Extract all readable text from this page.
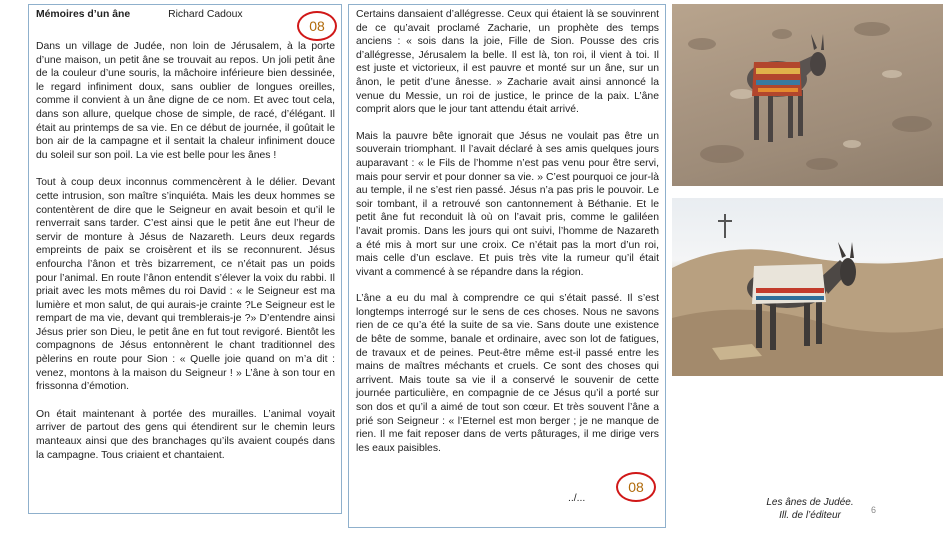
Mémoires d’un âne	Richard Cadoux

Dans un village de Judée, non loin de Jérusalem, à la porte d’une maison, un petit âne se trouvait au repos. Un joli petit âne de la couleur d’une souris, la mâchoire inférieure bien dessinée, le regard infiniment doux, sans oublier de longues oreilles, comme il convient à un âne digne de ce nom. Et avec tout cela, dans son allure, quelque chose de simple, de racé, d’élégant. Il était au printemps de sa vie. En ce début de journée, il goûtait le bon air de la campagne et il sentait la chaleur infiniment douce du soleil sur son poil. La vie est belle pour les ânes !

Tout à coup deux inconnus commencèrent à le délier. Devant cette intrusion, son maître s’inquiéta. Mais les deux hommes se contentèrent de dire que le Seigneur en avait besoin et qu’il le renverrait sans tarder. C’est ainsi que le petit âne eut l’heur de servir de monture à Jésus de Nazareth. Leurs deux regards empreints de paix se croisèrent et ils se reconnurent. Jésus enfourcha l’ânon et très bizarrement, ce n’était pas un poids pour l’animal. En route l’ânon entendit s’élever la voix du rabbi. Il priait avec les mots mêmes du roi David : « le Seigneur est ma lumière et mon salut, de qui aurais-je crainte ?Le Seigneur est le rempart de ma vie, devant qui tremblerais-je ?» D’entendre ainsi Jésus prier son Dieu, le petit âne en fut tout revigoré. Bientôt les compagnons de Jésus entonnèrent le chant traditionnel des pèlerins en route pour Sion : « Quelle joie quand on m’a dit : venez, montons à la maison du Seigneur ! » L’âne à son tour en frissonna d’émotion.

On était maintenant à portée des murailles. L’animal voyait arriver de partout des gens qui étendirent sur le chemin leurs manteaux ainsi que des branchages qu’ils avaient coupés dans la campagne. Tous criaient et chantaient.

08

Certains dansaient d’allégresse. Ceux qui étaient là se souvinrent de ce qu’avait proclamé Zacharie, un prophète des temps anciens : « sois dans la joie, Fille de Sion. Pousse des cris d’allégresse, Jérusalem la belle. Il est là, ton roi, il vient à toi. Il est juste et victorieux, il est pauvre et monté sur un âne, sur un ânon, le petit d’une ânesse. » Zacharie avait ainsi annoncé la venue du Messie, un roi de justice, le prince de la paix. L’âne comprit alors que le jour tant attendu était arrivé.

Mais la pauvre bête ignorait que Jésus ne voulait pas être un souverain triomphant. Il l’avait déclaré à ses amis quelques jours auparavant : « le Fils de l’homme n’est pas venu pour être servi, mais pour servir et pour donner sa vie. » C’est pourquoi ce jour-là au temple, il ne s’est rien passé. Jésus n’a pas pris le pouvoir. Le soir tombant, il a retrouvé son cantonnement à Béthanie. Et le petit âne fut reconduit là où on l’avait pris, comme le galiléen l’avait promis. Dans les jours qui ont suivi, l’homme de Nazareth a été mis à mort sur une croix. Ce n’était pas la mort d’un roi, mais celle d’un esclave. Et puis très vite la rumeur qu’il était vivant a commencé à se répandre dans la région.

L’âne a eu du mal à comprendre ce qui s’était passé. Il s’est longtemps interrogé sur le sens de ces choses. Nous ne savons rien de ce qu’a été la suite de sa vie. Sans doute une existence de bête de somme, banale et ordinaire, avec son lot de fatigues, de travaux et de peines. Peut-être même est-il passé entre les mains de maîtres méchants et cruels. Ce sont des choses qui arrivent. Mais toute sa vie il a conservé le souvenir de cette journée particulière, en compagnie de ce Jésus qu’il a porté sur son dos et qu’il a aimé de tout son cœur. Et très souvent l’âne a prié son Seigneur : « l’Eternel est mon berger ; je ne manque de rien. Il me fait reposer dans de verts pâturages, il me dirige vers les eaux paisibles.

../...
08
Les ânes de Judée.
Ill. de l’éditeur	6
